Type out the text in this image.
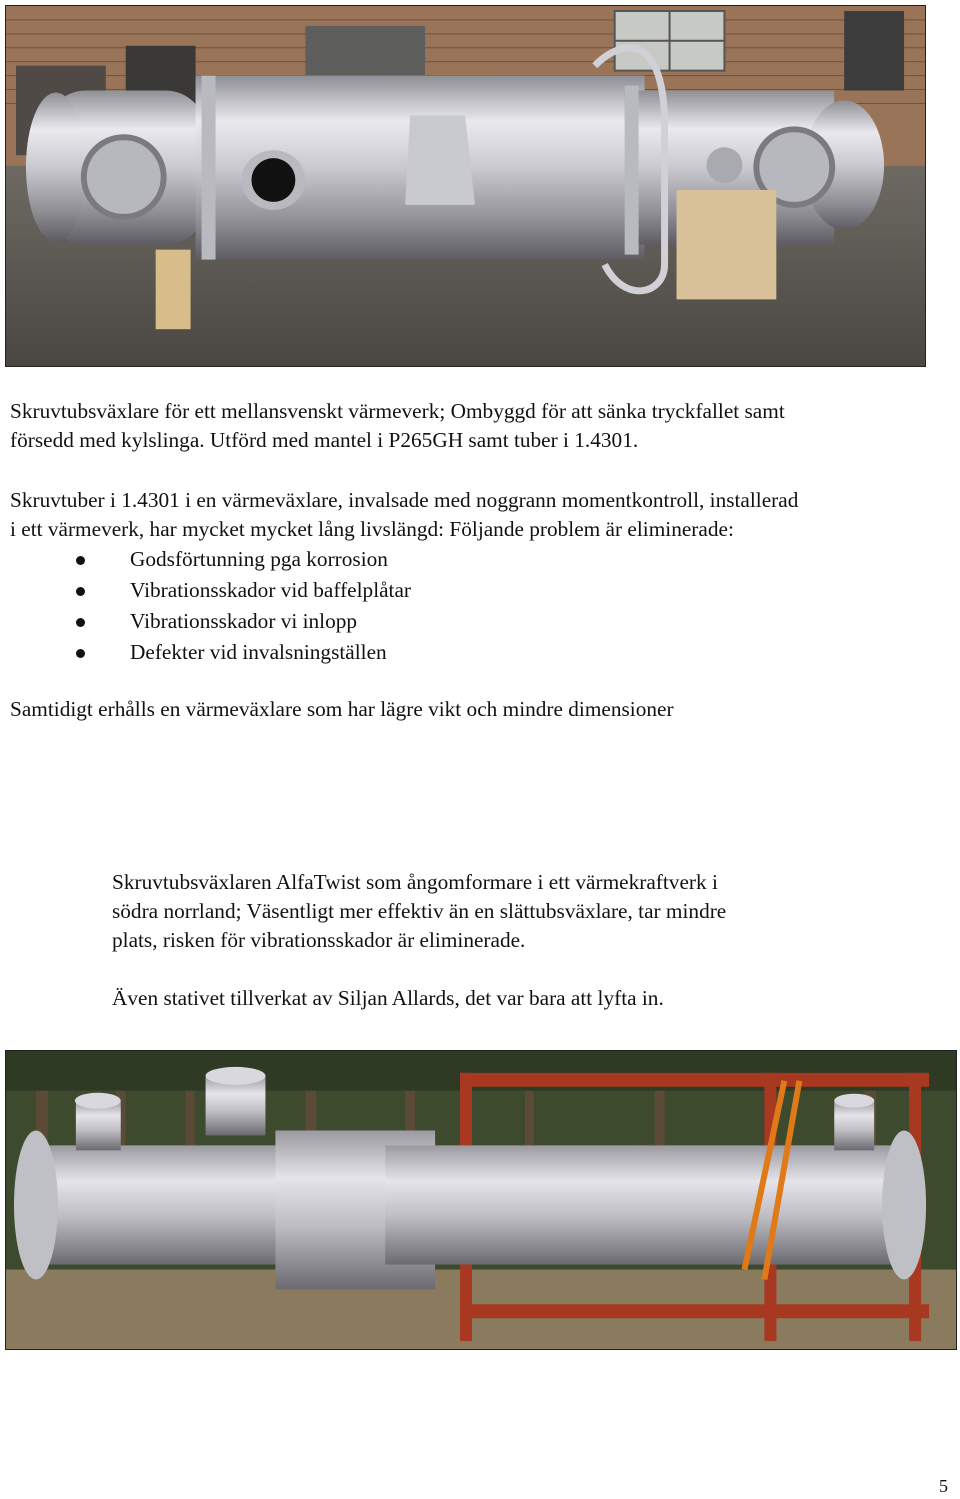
Skruvtubsväxlare för ett mellansvenskt värmeverk; Ombyggd för att sänka tryckfallet samt
försedd med kylslinga. Utförd med mantel i P265GH samt tuber i 1.4301.

Skruvtuber i 1.4301 i en värmeväxlare, invalsade med noggrann momentkontroll, installerad
i ett värmeverk, har mycket mycket lång livslängd: Följande problem är eliminerade:

Godsförtunning pga korrosion
Vibrationsskador vid baffelplåtar
Vibrationsskador vi inlopp
Defekter vid invalsningställen

Samtidigt erhålls en värmeväxlare som har lägre vikt och mindre dimensioner

Skruvtubsväxlaren AlfaTwist som ångomformare i ett värmekraftverk i
södra norrland; Väsentligt mer effektiv än en slättubsväxlare, tar mindre
plats, risken för vibrationsskador är eliminerade.

Även stativet tillverkat av Siljan Allards, det var bara att lyfta in.

5
